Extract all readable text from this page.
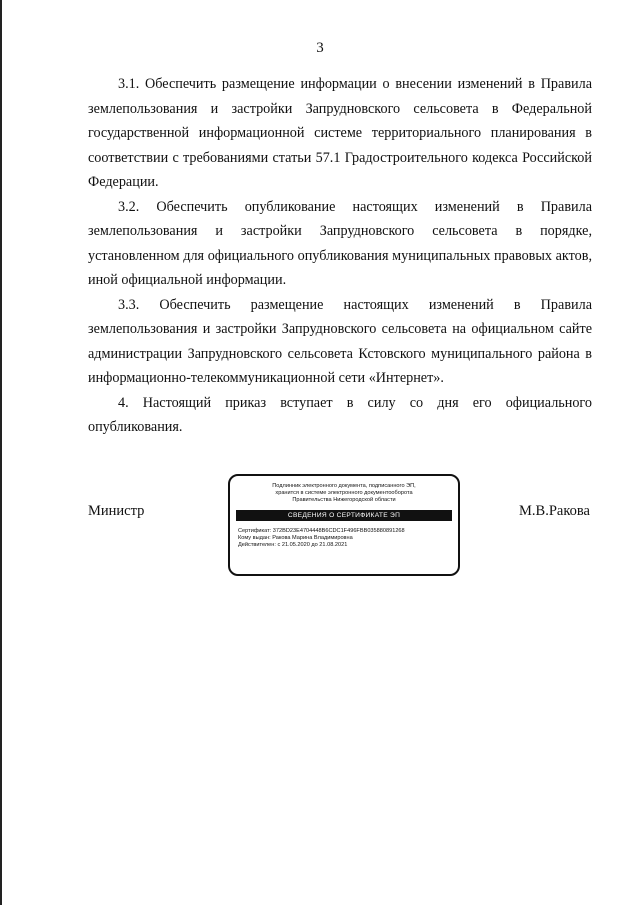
3

3.1. Обеспечить размещение информации о внесении изменений в Правила землепользования и застройки Запрудновского сельсовета в Федеральной государственной информационной системе территориального планирования в соответствии с требованиями статьи 57.1 Градостроительного кодекса Российской Федерации.

3.2. Обеспечить опубликование настоящих изменений в Правила землепользования и застройки Запрудновского сельсовета в порядке, установленном для официального опубликования муниципальных правовых актов, иной официальной информации.

3.3. Обеспечить размещение настоящих изменений в Правила землепользования и застройки Запрудновского сельсовета на официальном сайте администрации Запрудновского сельсовета Кстовского муниципального района в информационно-телекоммуникационной сети «Интернет».

4. Настоящий приказ вступает в силу со дня его официального опубликования.

Министр	М.В.Ракова
Подлинник электронного документа, подписанного ЭП,
хранится в системе электронного документооборота
Правительства Нижегородской области
СВЕДЕНИЯ О СЕРТИФИКАТЕ ЭП
Сертификат: 372BD23E4704448B6CDC1F496FBB035880891268
Кому выдан: Ракова Марина Владимировна
Действителен: с 21.05.2020 до 21.08.2021
